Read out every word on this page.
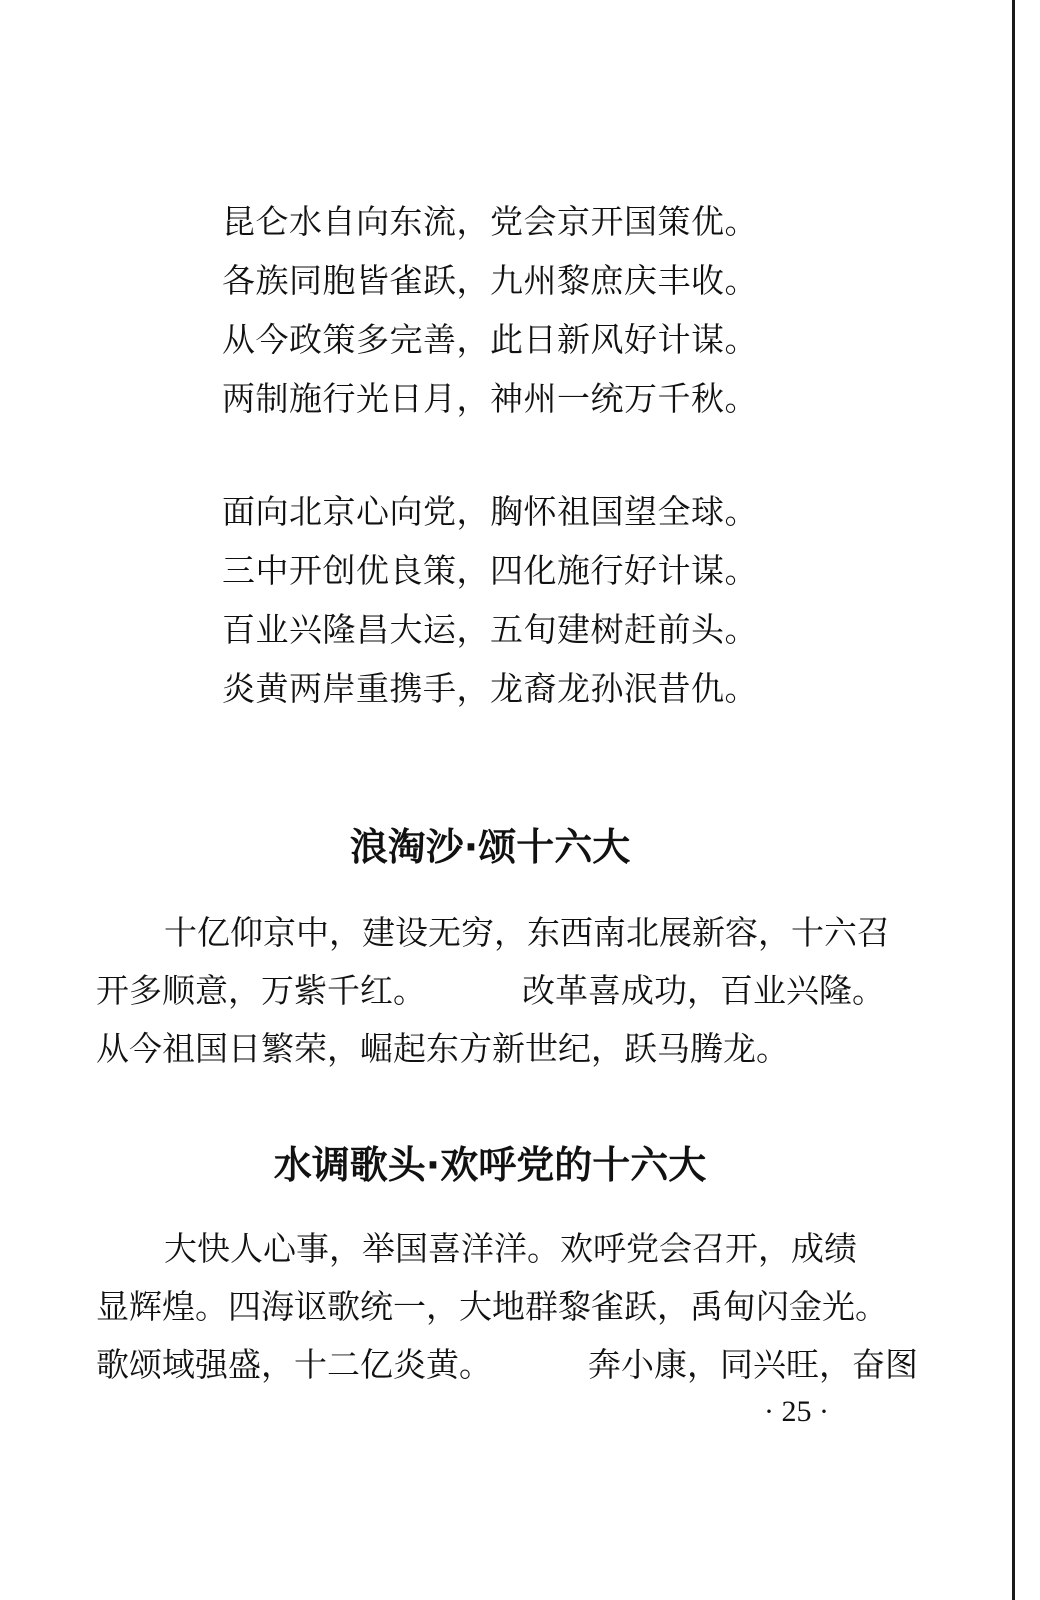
昆仑水自向东流，党会京开国策优。
各族同胞皆雀跃，九州黎庶庆丰收。
从今政策多完善，此日新风好计谋。
两制施行光日月，神州一统万千秋。
面向北京心向党，胸怀祖国望全球。
三中开创优良策，四化施行好计谋。
百业兴隆昌大运，五旬建树赶前头。
炎黄两岸重携手，龙裔龙孙泯昔仇。
浪淘沙·颂十六大
十亿仰京中，建设无穷，东西南北展新容，十六召
开多顺意，万紫千红。	改革喜成功，百业兴隆。
从今祖国日繁荣，崛起东方新世纪，跃马腾龙。
水调歌头·欢呼党的十六大
大快人心事，举国喜洋洋。欢呼党会召开，成绩
显辉煌。四海讴歌统一，大地群黎雀跃，禹甸闪金光。
歌颂域强盛，十二亿炎黄。	奔小康，同兴旺，奋图
· 25 ·
